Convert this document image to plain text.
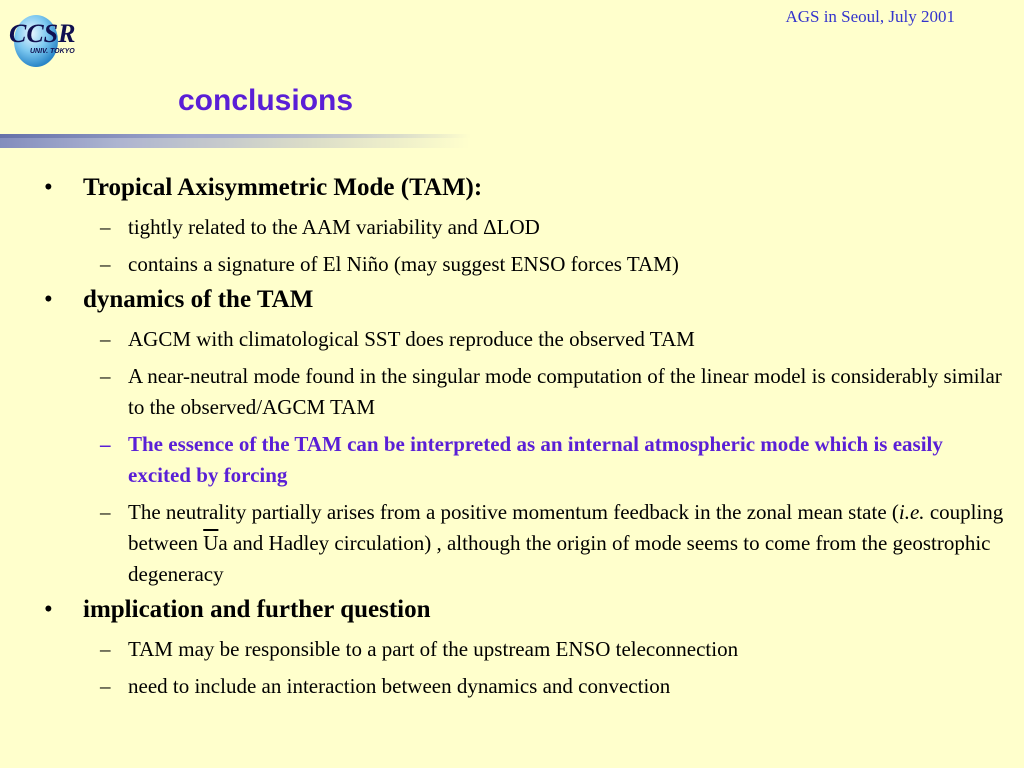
CCSR
UNIV. TOKYO
AGS in Seoul, July 2001
conclusions
• Tropical Axisymmetric Mode (TAM):
– tightly related to the AAM variability and ΔLOD
– contains a signature of El Niño (may suggest ENSO forces TAM)
• dynamics of the TAM
– AGCM with climatological SST does reproduce the observed TAM
– A near-neutral mode found in the singular mode computation of the linear model is considerably similar to the observed/AGCM TAM
– The essence of the TAM can be interpreted as an internal atmospheric mode which is easily excited by forcing
– The neutrality partially arises from a positive momentum feedback in the zonal mean state (i.e. coupling between $\overline{U}a$ and Hadley circulation) , although the origin of mode seems to come from the geostrophic degeneracy
• implication and further question
– TAM may be responsible to a part of the upstream ENSO teleconnection
– need to include an interaction between dynamics and convection
